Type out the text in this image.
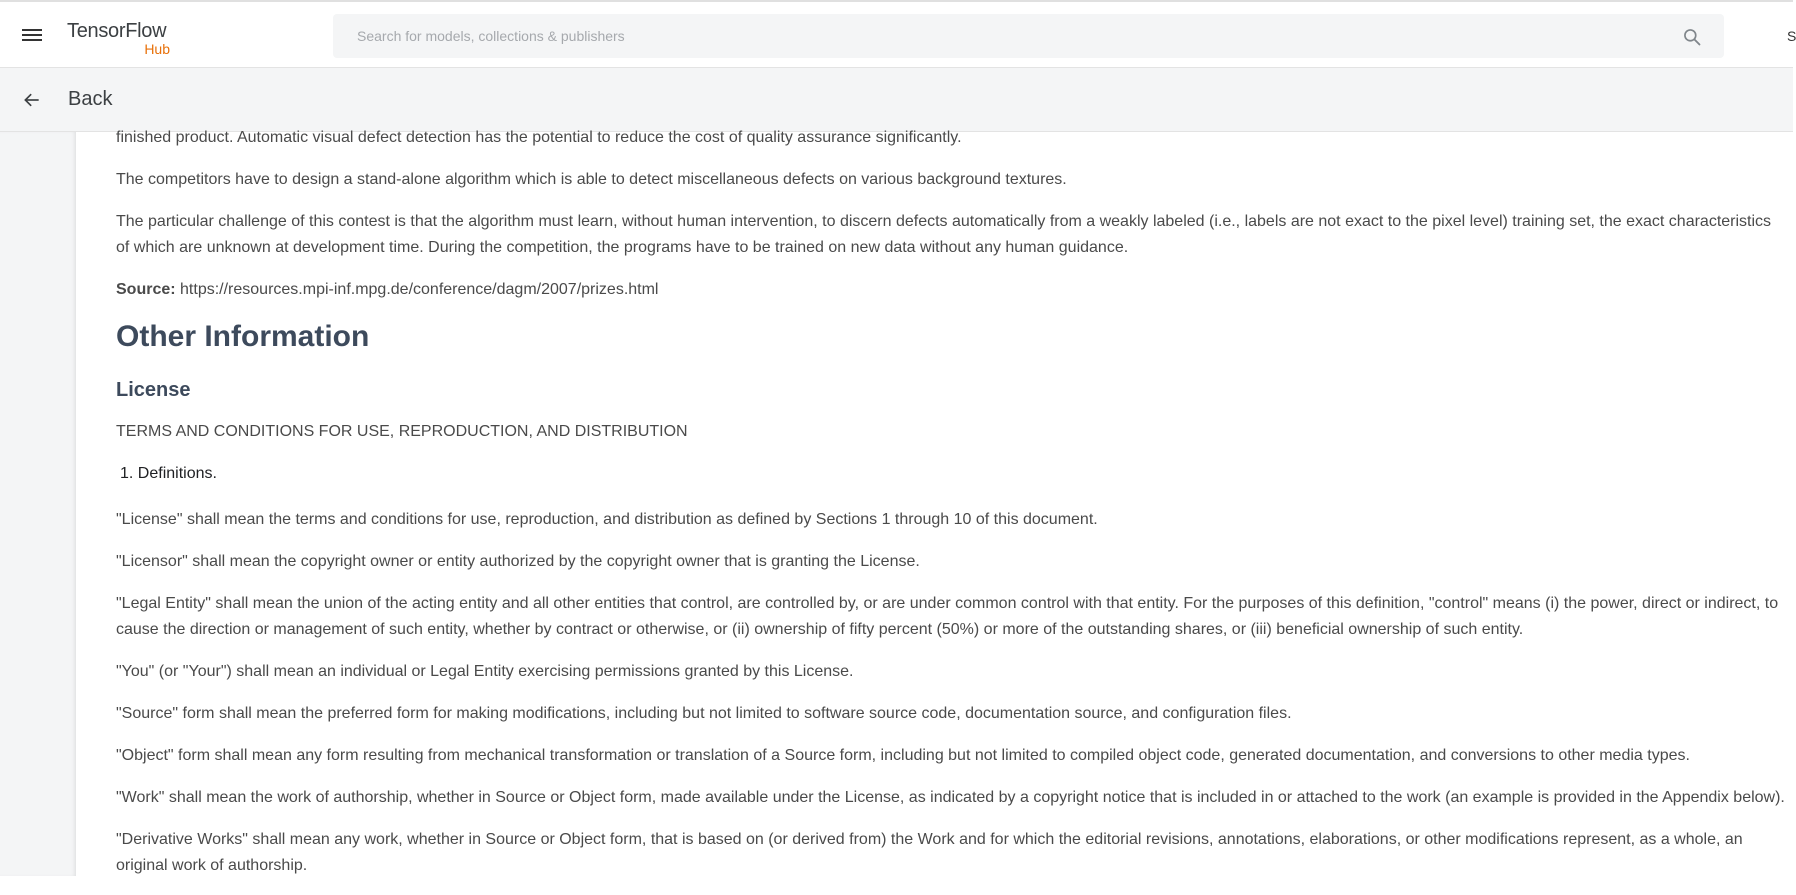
TensorFlow
Hub
Search for models, collections & publishers
S
Back

finished product. Automatic visual defect detection has the potential to reduce the cost of quality assurance significantly.

The competitors have to design a stand-alone algorithm which is able to detect miscellaneous defects on various background textures.

The particular challenge of this contest is that the algorithm must learn, without human intervention, to discern defects automatically from a weakly labeled (i.e., labels are not exact to the pixel level) training set, the exact characteristics of which are unknown at development time. During the competition, the programs have to be trained on new data without any human guidance.

Source: https://resources.mpi-inf.mpg.de/conference/dagm/2007/prizes.html

Other Information
License

TERMS AND CONDITIONS FOR USE, REPRODUCTION, AND DISTRIBUTION

1. Definitions.

"License" shall mean the terms and conditions for use, reproduction, and distribution as defined by Sections 1 through 10 of this document.

"Licensor" shall mean the copyright owner or entity authorized by the copyright owner that is granting the License.

"Legal Entity" shall mean the union of the acting entity and all other entities that control, are controlled by, or are under common control with that entity. For the purposes of this definition, "control" means (i) the power, direct or indirect, to cause the direction or management of such entity, whether by contract or otherwise, or (ii) ownership of fifty percent (50%) or more of the outstanding shares, or (iii) beneficial ownership of such entity.

"You" (or "Your") shall mean an individual or Legal Entity exercising permissions granted by this License.

"Source" form shall mean the preferred form for making modifications, including but not limited to software source code, documentation source, and configuration files.

"Object" form shall mean any form resulting from mechanical transformation or translation of a Source form, including but not limited to compiled object code, generated documentation, and conversions to other media types.

"Work" shall mean the work of authorship, whether in Source or Object form, made available under the License, as indicated by a copyright notice that is included in or attached to the work (an example is provided in the Appendix below).

"Derivative Works" shall mean any work, whether in Source or Object form, that is based on (or derived from) the Work and for which the editorial revisions, annotations, elaborations, or other modifications represent, as a whole, an original work of authorship.
